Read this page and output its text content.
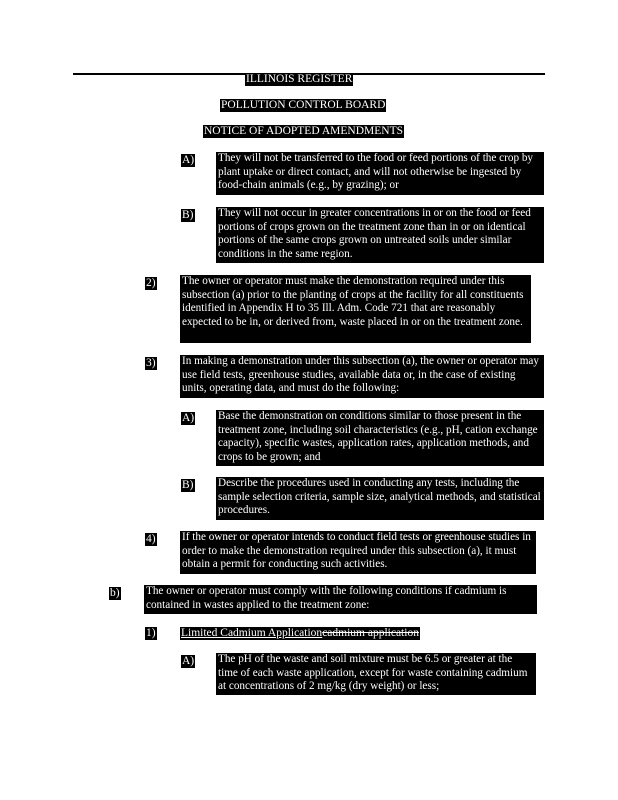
ILLINOIS REGISTER
POLLUTION CONTROL BOARD
NOTICE OF ADOPTED AMENDMENTS
A) They will not be transferred to the food or feed portions of the crop by plant uptake or direct contact, and will not otherwise be ingested by food-chain animals (e.g., by grazing); or
B) They will not occur in greater concentrations in or on the food or feed portions of crops grown on the treatment zone than in or on identical portions of the same crops grown on untreated soils under similar conditions in the same region.
2) The owner or operator must make the demonstration required under this subsection (a) prior to the planting of crops at the facility for all constituents identified in Appendix H to 35 Ill. Adm. Code 721 that are reasonably expected to be in, or derived from, waste placed in or on the treatment zone.
3) In making a demonstration under this subsection (a), the owner or operator may use field tests, greenhouse studies, available data or, in the case of existing units, operating data, and must do the following:
A) Base the demonstration on conditions similar to those present in the treatment zone, including soil characteristics (e.g., pH, cation exchange capacity), specific wastes, application rates, application methods, and crops to be grown; and
B) Describe the procedures used in conducting any tests, including the sample selection criteria, sample size, analytical methods, and statistical procedures.
4) If the owner or operator intends to conduct field tests or greenhouse studies in order to make the demonstration required under this subsection (a), it must obtain a permit for conducting such activities.
b) The owner or operator must comply with the following conditions if cadmium is contained in wastes applied to the treatment zone:
1) Limited Cadmium Applicationcadmium application
A) The pH of the waste and soil mixture must be 6.5 or greater at the time of each waste application, except for waste containing cadmium at concentrations of 2 mg/kg (dry weight) or less;
